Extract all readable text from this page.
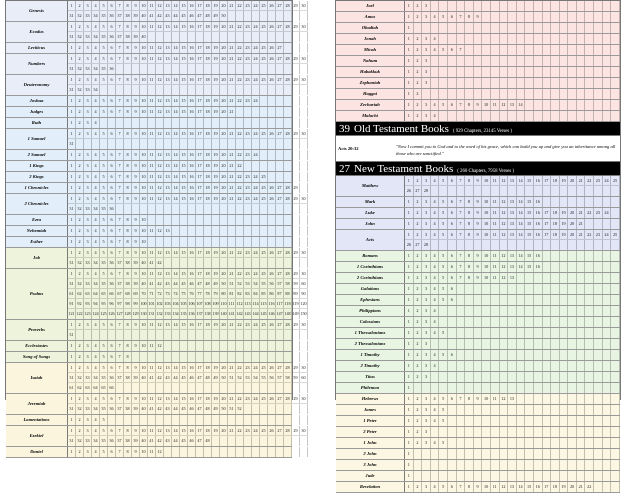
Genesis
1	2	3	4	5	6	7	8	9	10 11 12 13 14 15 16 17 18 19 20 21 22 23 24 25 26 27 28 29 30
31 32 33 34 35 36 37 38 39 40 41 42 43 44 45 46 47 48 49 50
Exodus
1	2	3	4	5	6	7	8	9	10 11 12 13 14 15 16 17 18 19 20 21 22 23 24 25 26 27 28 29 30
31 32 33 34 35 36 37 38 39 40
Leviticus	1	2	3	4	5	6	7	8	9	10 11 12 13 14 15 16 17 18 19 20 21 22 23 24 25 26 27
Numbers
1	2	3	4	5	6	7	8	9	10 11 12 13 14 15 16 17 18 19 20 21 22 23 24 25 26 27 28 29 30
31 32 33 34 35 36
Deuteronomy
1	2	3	4	5	6	7	8	9	10 11 12 13 14 15 16 17 18 19 20 21 22 23 24 25 26 27 28 29 30
31 32 33 34
Joshua	1	2	3	4	5	6	7	8	9	10 11 12 13 14 15 16 17 18 19 20 21 22 23 24
Judges	1	2	3	4	5	6	7	8	9	10 11 12 13 14 15 16 17 18 19 20 21
Ruth	1	2	3	4
1 Samuel
1	2	3	4	5	6	7	8	9	10 11 12 13 14 15 16 17 18 19 20 21 22 23 24 25 26 27 28 29 30
31
2 Samuel	1	2	3	4	5	6	7	8	9	10 11 12 13 14 15 16 17 18 19 20 21 22 23 24
1 Kings	1	2	3	4	5	6	7	8	9	10 11 12 13 14 15 16 17 18 19 20 21 22
2 Kings	1	2	3	4	5	6	7	8	9	10 11 12 13 14 15 16 17 18 19 20 21 22 23 24 25
1 Chronicles	1	2	3	4	5	6	7	8	9	10 11 12 13 14 15 16 17 18 19 20 21 22 23 24 25 26 27 28 29
2 Chronicles
1	2	3	4	5	6	7	8	9	10 11 12 13 14 15 16 17 18 19 20 21 22 23 24 25 26 27 28 29 30
31 32 33 34 35 36
Ezra	1	2	3	4	5	6	7	8	9	10
Nehemiah	1	2	3	4	5	6	7	8	9	10 11 12 13
Esther	1	2	3	4	5	6	7	8	9	10
Job
1	2	3	4	5	6	7	8	9	10 11 12 13 14 15 16 17 18 19 20 21 22 23 24 25 26 27 28 29 30
31 32 33 34 35 36 37 38 39 40 41 42
Psalms
1	2	3	4	5	6	7	8	9	10 11 12 13 14 15 16 17 18 19 20 21 22 23 24 25 26 27 28 29 30
31 32 33 34 35 36 37 38 39 40 41 42 43 44 45 46 47 48 49 50 51 52 53 54 55 56 57 58 59 60
61 62 63 64 65 66 67 68 69 70 71 72 73 74 75 76 77 78 79 80 81 82 83 84 85 86 87 88 89 90
91 92 93 94 95 96 97 98 99 100 101 102 103 104 105 106 107 108 109 110 111 112 113 114 115 116 117 118 119 120
121 122 123 124 125 126 127 128 129 130 131 132 133 134 135 136 137 138 139 140 141 142 143 144 145 146 147 148 149 150
Proverbs
1	2	3	4	5	6	7	8	9	10 11 12 13 14 15 16 17 18 19 20 21 22 23 24 25 26 27 28 29 30
31
Ecclesiastes	1	2	3	4	5	6	7	8	9	10 11 12
Song of Songs	1	2	3	4	5	6	7	8
Isaiah
1	2	3	4	5	6	7	8	9	10 11 12 13 14 15 16 17 18 19 20 21 22 23 24 25 26 27 28 29 30
31 32 33 34 35 36 37 38 39 40 41 42 43 44 45 46 47 48 49 50 51 52 53 54 55 56 57 58 59 60
61 62 63 64 65 66
Jeremiah
1	2	3	4	5	6	7	8	9	10 11 12 13 14 15 16 17 18 19 20 21 22 23 24 25 26 27 28 29 30
31 32 33 34 35 36 37 38 39 40 41 42 43 44 45 46 47 48 49 50 51 52
Lamentations	1	2	3	4	5
Ezekiel
1	2	3	4	5	6	7	8	9	10 11 12 13 14 15 16 17 18 19 20 21 22 23 24 25 26 27 28 29 30
31 32 33 34 35 36 37 38 39 40 41 42 43 44 45 46 47 48
Daniel	1	2	3	4	5	6	7	8	9	10 11 12
Joel	1	2	3
Amos	1	2	3	4	5	6	7	8	9
Obadiah	1
Jonah	1	2	3	4
Micah	1	2	3	4	5	6	7
Nahum	1	2	3
Habakkuk	1	2	3
Zephaniah	1	2	3
Haggai	1	2
Zechariah	1	2	3	4	5	6	7	8	9	10	11	12	13	14
Malachi	1	2	3	4
39 Old Testament Books ( 929 Chapters, 23145 Verses )
Acts 20:32	"Now I commit you to God and to the word of his grace, which can build you up and give you an inheritance among all those who are sanctified."
27 New Testament Books ( 260 Chapters, 7958 Verses )
Matthew
1	2	3	4	5	6	7	8	9	10	11	12	13	14	15	16	17	18	19	20	21	22	23	24	25
26	27	28
Mark	1	2	3	4	5	6	7	8	9	10	11	12	13	14	15	16
Luke	1	2	3	4	5	6	7	8	9	10	11	12	13	14	15	16	17	18	19	20	21	22	23	24
John	1	2	3	4	5	6	7	8	9	10	11	12	13	14	15	16	17	18	19	20	21
Acts
1	2	3	4	5	6	7	8	9	10	11	12	13	14	15	16	17	18	19	20	21	22	23	24	25
26	27	28
Romans	1	2	3	4	5	6	7	8	9	10	11	12	13	14	15	16
1 Corinthians	1	2	3	4	5	6	7	8	9	10	11	12	13	14	15	16
2 Corinthians	1	2	3	4	5	6	7	8	9	10	11	12	13
Galatians	1	2	3	4	5	6
Ephesians	1	2	3	4	5	6
Philippians	1	2	3	4
Colossians	1	2	3	4
1 Thessalonians	1	2	3	4	5
2 Thessalonians	1	2	3
1 Timothy	1	2	3	4	5	6
2 Timothy	1	2	3	4
Titus	1	2	3
Philemon	1
Hebrews	1	2	3	4	5	6	7	8	9	10	11	12	13
James	1	2	3	4	5
1 Peter	1	2	3	4	5
2 Peter	1	2	3
1 John	1	2	3	4	5
2 John	1
3 John	1
Jude	1
Revelation	1	2	3	4	5	6	7	8	9	10	11	12	13	14	15	16	17	18	19	20	21	22
